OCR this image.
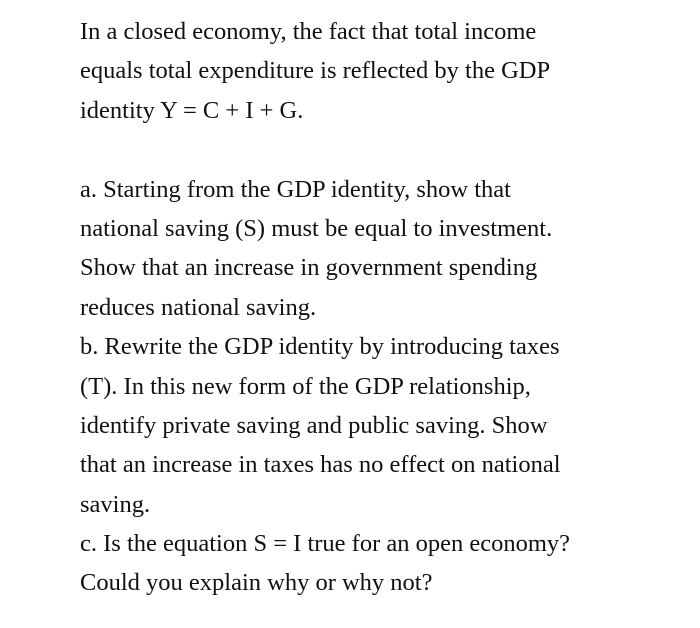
In a closed economy, the fact that total income
equals total expenditure is reflected by the GDP
identity Y = C + I + G.
a. Starting from the GDP identity, show that
national saving (S) must be equal to investment.
Show that an increase in government spending
reduces national saving.
b. Rewrite the GDP identity by introducing taxes
(T). In this new form of the GDP relationship,
identify private saving and public saving. Show
that an increase in taxes has no effect on national
saving.
c. Is the equation S = I true for an open economy?
Could you explain why or why not?
